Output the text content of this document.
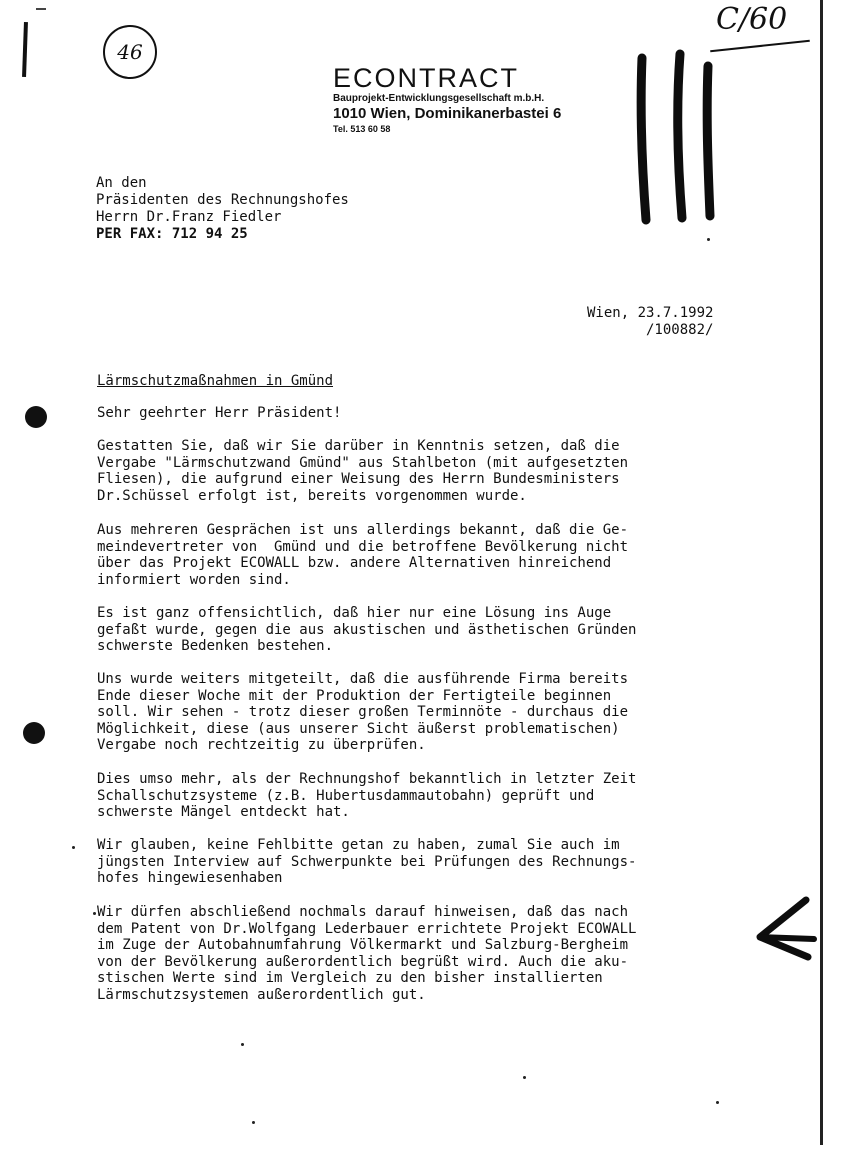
46
C/60
ECONTRACT
Bauprojekt-Entwicklungsgesellschaft m.b.H.
1010 Wien, Dominikanerbastei 6
Tel. 513 60 58
An den
Präsidenten des Rechnungshofes
Herrn Dr.Franz Fiedler
PER FAX: 712 94 25
Wien, 23.7.1992
/100882/
Lärmschutzmaßnahmen in Gmünd
Sehr geehrter Herr Präsident!
Gestatten Sie, daß wir Sie darüber in Kenntnis setzen, daß die
Vergabe "Lärmschutzwand Gmünd" aus Stahlbeton (mit aufgesetzten
Fliesen), die aufgrund einer Weisung des Herrn Bundesministers
Dr.Schüssel erfolgt ist, bereits vorgenommen wurde.
Aus mehreren Gesprächen ist uns allerdings bekannt, daß die Ge-
meindevertreter von  Gmünd und die betroffene Bevölkerung nicht
über das Projekt ECOWALL bzw. andere Alternativen hinreichend
informiert worden sind.
Es ist ganz offensichtlich, daß hier nur eine Lösung ins Auge
gefaßt wurde, gegen die aus akustischen und ästhetischen Gründen
schwerste Bedenken bestehen.
Uns wurde weiters mitgeteilt, daß die ausführende Firma bereits
Ende dieser Woche mit der Produktion der Fertigteile beginnen
soll. Wir sehen - trotz dieser großen Terminnöte - durchaus die
Möglichkeit, diese (aus unserer Sicht äußerst problematischen)
Vergabe noch rechtzeitig zu überprüfen.
Dies umso mehr, als der Rechnungshof bekanntlich in letzter Zeit
Schallschutzsysteme (z.B. Hubertusdammautobahn) geprüft und
schwerste Mängel entdeckt hat.
Wir glauben, keine Fehlbitte getan zu haben, zumal Sie auch im
jüngsten Interview auf Schwerpunkte bei Prüfungen des Rechnungs-
hofes hingewiesenhaben
Wir dürfen abschließend nochmals darauf hinweisen, daß das nach
dem Patent von Dr.Wolfgang Lederbauer errichtete Projekt ECOWALL
im Zuge der Autobahnumfahrung Völkermarkt und Salzburg-Bergheim
von der Bevölkerung außerordentlich begrüßt wird. Auch die aku-
stischen Werte sind im Vergleich zu den bisher installierten
Lärmschutzsystemen außerordentlich gut.
